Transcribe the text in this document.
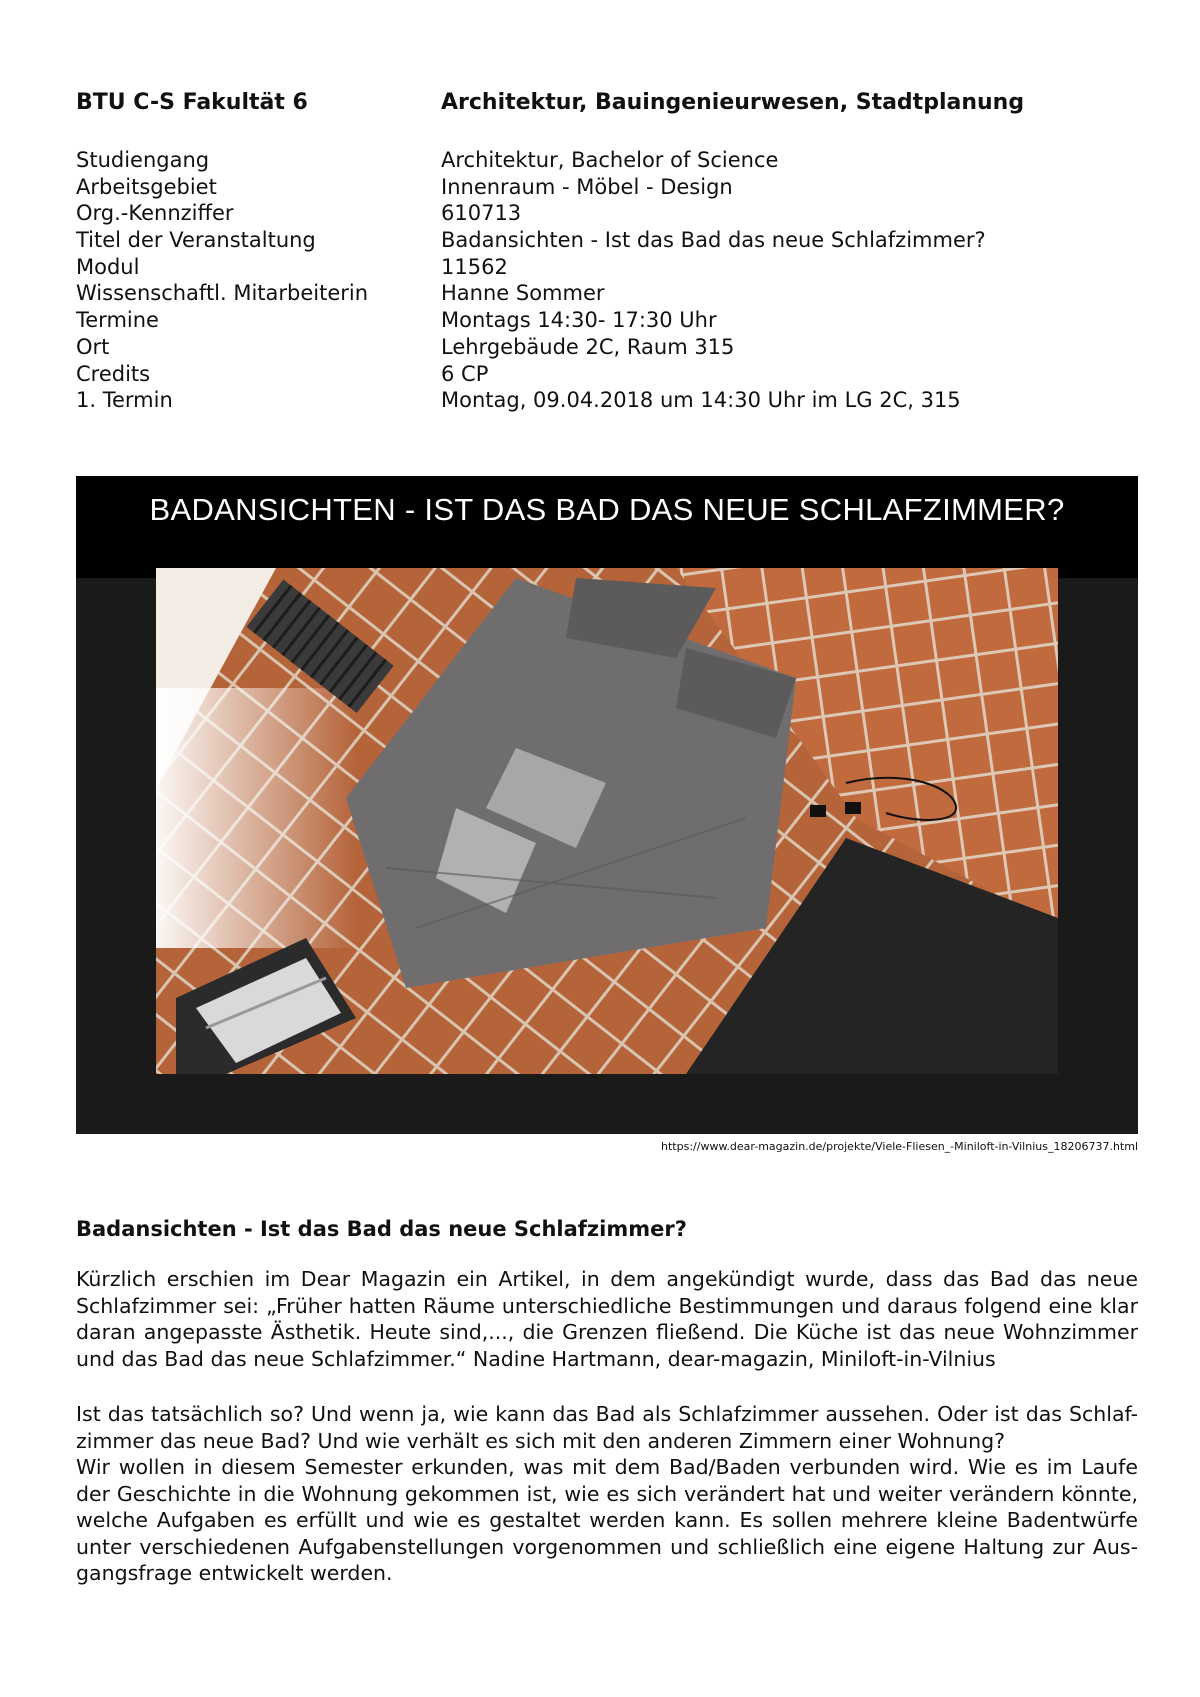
BTU C-S Fakultät 6	Architektur, Bauingenieurwesen, Stadtplanung
Studiengang	Architektur, Bachelor of Science
Arbeitsgebiet	Innenraum - Möbel - Design
Org.-Kennziffer	610713
Titel der Veranstaltung	Badansichten - Ist das Bad das neue Schlafzimmer?
Modul	11562
Wissenschaftl. Mitarbeiterin	Hanne Sommer
Termine	Montags 14:30- 17:30 Uhr
Ort	Lehrgebäude 2C, Raum 315
Credits	6 CP
1. Termin	Montag, 09.04.2018 um 14:30 Uhr im LG 2C, 315
BADANSICHTEN - IST DAS BAD DAS NEUE SCHLAFZIMMER?
https://www.dear-magazin.de/projekte/Viele-Fliesen_-Miniloft-in-Vilnius_18206737.html
Badansichten - Ist das Bad das neue Schlafzimmer?

Kürzlich erschien im Dear Magazin ein Artikel, in dem angekündigt wurde, dass das Bad das neue Schlafzimmer sei: „Früher hatten Räume unterschiedliche Bestimmungen und daraus folgend eine klar daran angepasste Ästhetik. Heute sind,..., die Grenzen fließend. Die Küche ist das neue Wohnzimmer und das Bad das neue Schlafzimmer.“ Nadine Hartmann, dear-magazin, Miniloft-in-Vilnius

Ist das tatsächlich so? Und wenn ja, wie kann das Bad als Schlafzimmer aussehen. Oder ist das Schlaf-zimmer das neue Bad? Und wie verhält es sich mit den anderen Zimmern einer Wohnung?

Wir wollen in diesem Semester erkunden, was mit dem Bad/Baden verbunden wird. Wie es im Laufe der Geschichte in die Wohnung gekommen ist, wie es sich verändert hat und weiter verändern könnte, welche Aufgaben es erfüllt und wie es gestaltet werden kann. Es sollen mehrere kleine Badentwürfe unter verschiedenen Aufgabenstellungen vorgenommen und schließlich eine eigene Haltung zur Aus-gangsfrage entwickelt werden.
